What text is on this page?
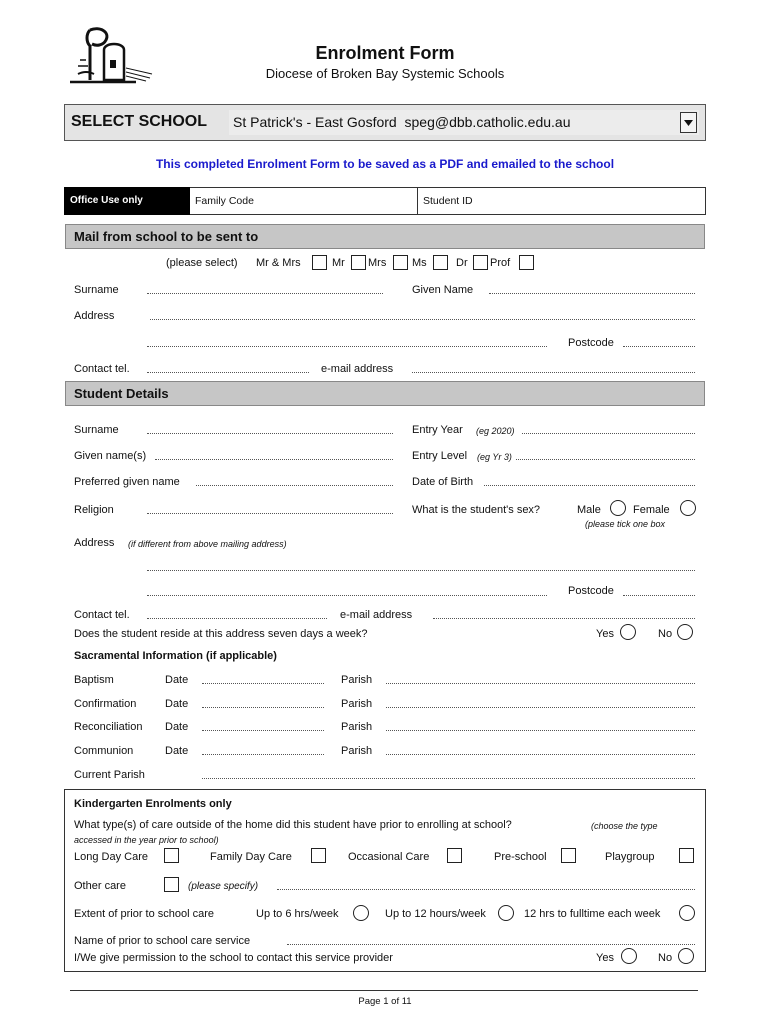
Enrolment Form
Diocese of Broken Bay Systemic Schools
SELECT SCHOOL St Patrick's - East Gosford  speg@dbb.catholic.edu.au
This completed Enrolment Form to be saved as a PDF and emailed to the school
Office Use only	Family Code	Student ID
Mail from school to be sent to
(please select) Mr & Mrs	Mr Mrs Ms	Dr Prof
Surname	Given Name
Address
Postcode
Contact tel.	e-mail address
Student Details
Surname	Entry Year (eg 2020)
Given name(s)	Entry Level (eg Yr 3)
Preferred given name	Date of Birth
Religion	What is the student's sex?	Male	Female
(please tick one box
Address (if different from above mailing address)
Postcode
Contact tel.	e-mail address
Does the student reside at this address seven days a week?	Yes	No
Sacramental Information (if applicable)
Baptism	Date	Parish
Confirmation	Date	Parish
Reconciliation Date	Parish
Communion	Date	Parish
Current Parish
Kindergarten Enrolments only
What type(s) of care outside of the home did this student have prior to enrolling at school?	(choose the type
accessed in the year prior to school)
Long Day Care	Family Day Care	Occasional Care	Pre-school	Playgroup
Other care	(please specify)
Extent of prior to school care	Up to 6 hrs/week	Up to 12 hours/week	12 hrs to fulltime each week
Name of prior to school care service
I/We give permission to the school to contact this service provider	Yes	No
Page 1 of 11
